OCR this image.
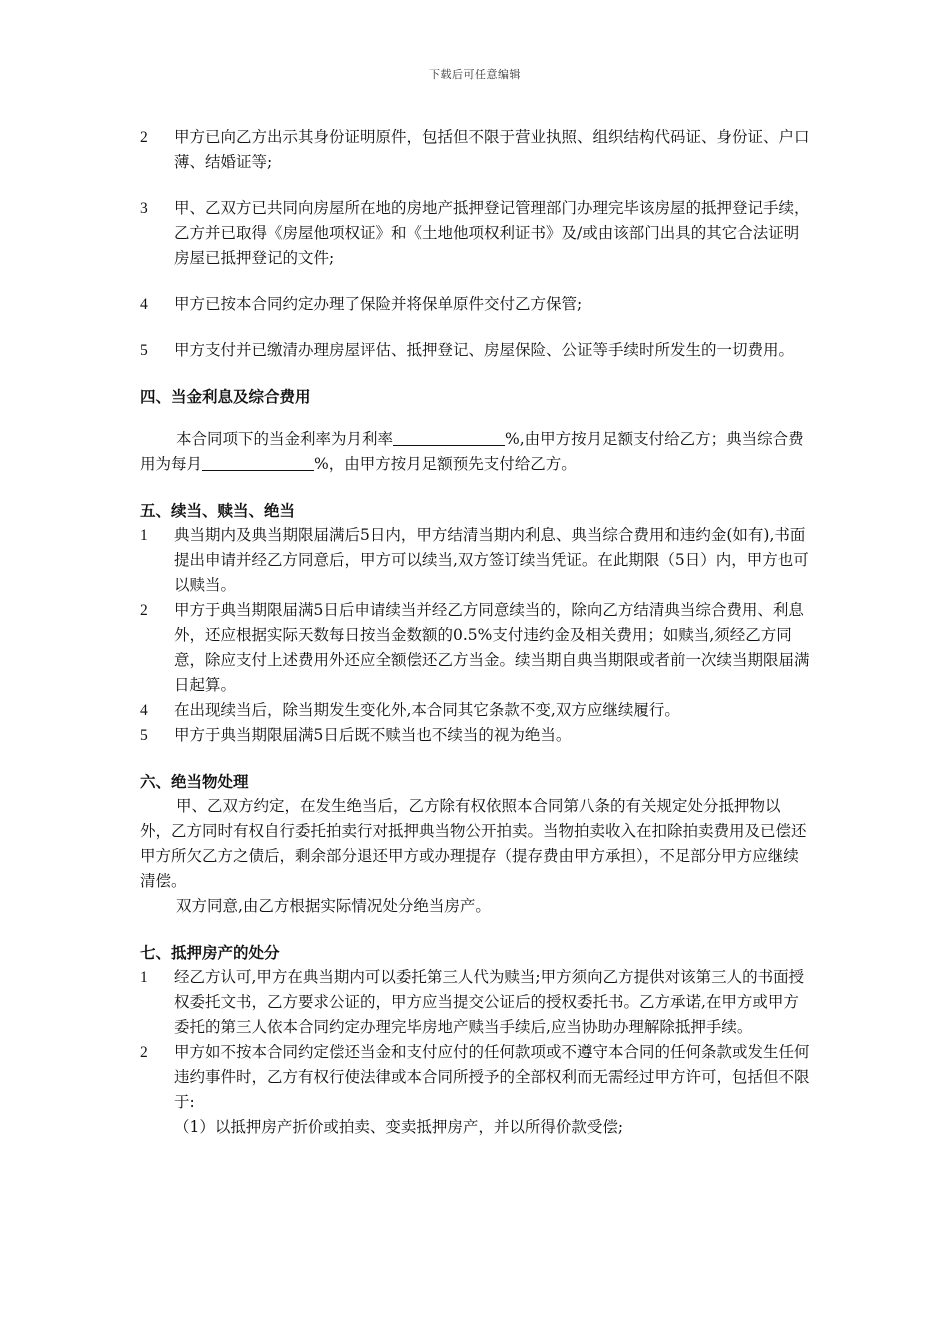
下载后可任意编辑
2	甲方已向乙方出示其身份证明原件，包括但不限于营业执照、组织结构代码证、身份证、户口薄、结婚证等;
3	甲、乙双方已共同向房屋所在地的房地产抵押登记管理部门办理完毕该房屋的抵押登记手续，乙方并已取得《房屋他项权证》和《土地他项权利证书》及/或由该部门出具的其它合法证明房屋已抵押登记的文件;
4	甲方已按本合同约定办理了保险并将保单原件交付乙方保管;
5	甲方支付并已缴清办理房屋评估、抵押登记、房屋保险、公证等手续时所发生的一切费用。
四、当金利息及综合费用
本合同项下的当金利率为月利率	%,由甲方按月足额支付给乙方；典当综合费用为每月	%，由甲方按月足额预先支付给乙方。
五、续当、赎当、绝当
1	典当期内及典当期限届满后5日内，甲方结清当期内利息、典当综合费用和违约金(如有),书面提出申请并经乙方同意后，甲方可以续当,双方签订续当凭证。在此期限（5日）内，甲方也可以赎当。
2	甲方于典当期限届满5日后申请续当并经乙方同意续当的，除向乙方结清典当综合费用、利息外，还应根据实际天数每日按当金数额的0.5%支付违约金及相关费用；如赎当,须经乙方同意，除应支付上述费用外还应全额偿还乙方当金。续当期自典当期限或者前一次续当期限届满日起算。
4	在出现续当后，除当期发生变化外,本合同其它条款不变,双方应继续履行。
5	甲方于典当期限届满5日后既不赎当也不续当的视为绝当。
六、绝当物处理
甲、乙双方约定，在发生绝当后，乙方除有权依照本合同第八条的有关规定处分抵押物以外，乙方同时有权自行委托拍卖行对抵押典当物公开拍卖。当物拍卖收入在扣除拍卖费用及已偿还甲方所欠乙方之债后，剩余部分退还甲方或办理提存（提存费由甲方承担），不足部分甲方应继续清偿。
双方同意,由乙方根据实际情况处分绝当房产。
七、抵押房产的处分
1	经乙方认可,甲方在典当期内可以委托第三人代为赎当;甲方须向乙方提供对该第三人的书面授权委托文书，乙方要求公证的，甲方应当提交公证后的授权委托书。乙方承诺,在甲方或甲方委托的第三人依本合同约定办理完毕房地产赎当手续后,应当协助办理解除抵押手续。
2	甲方如不按本合同约定偿还当金和支付应付的任何款项或不遵守本合同的任何条款或发生任何违约事件时，乙方有权行使法律或本合同所授予的全部权利而无需经过甲方许可，包括但不限于:
（1）以抵押房产折价或拍卖、变卖抵押房产，并以所得价款受偿;
